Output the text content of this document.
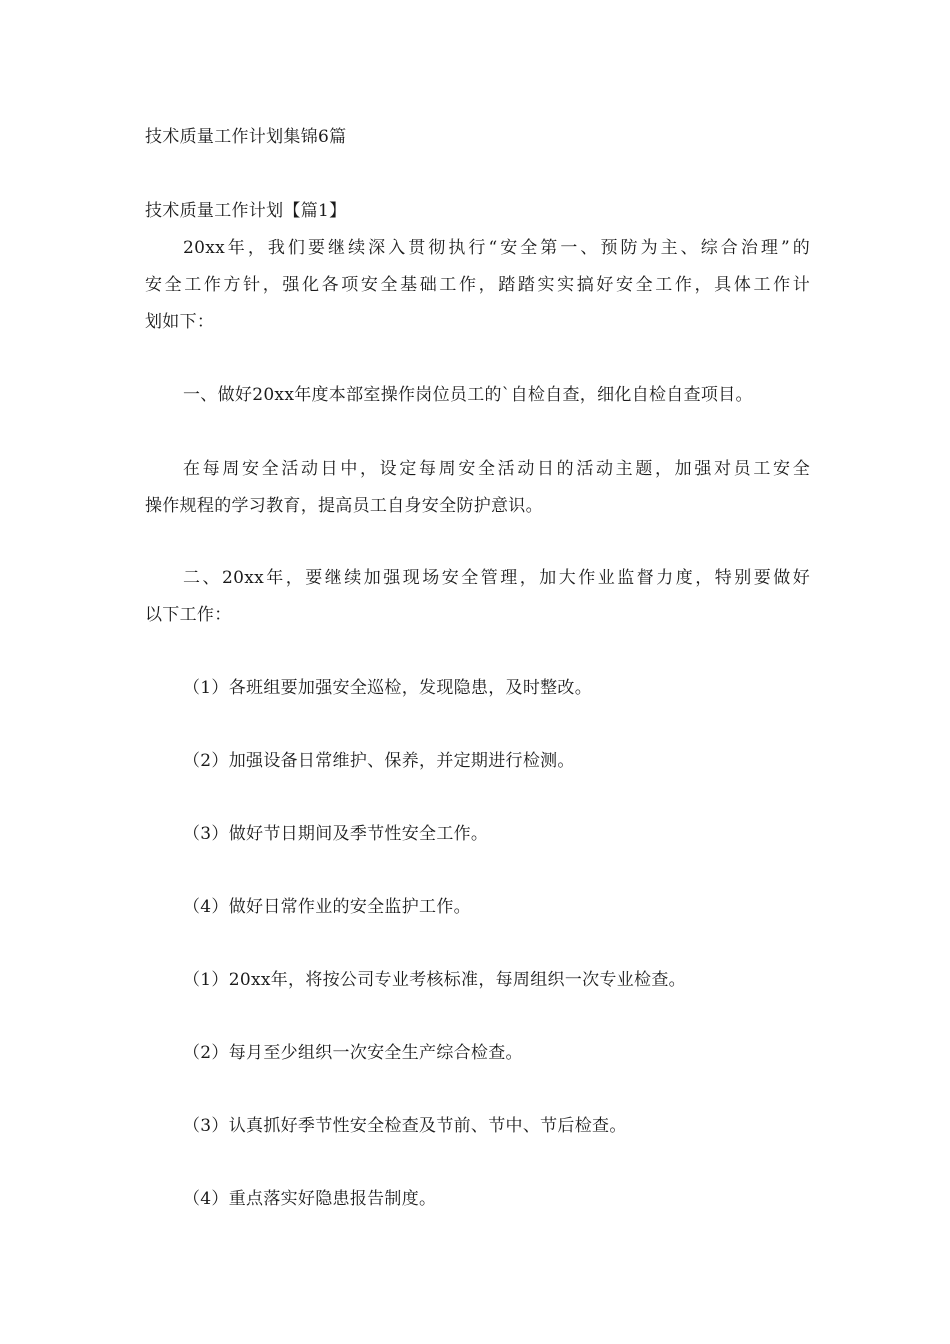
技术质量工作计划集锦6篇
技术质量工作计划【篇1】
20xx年，我们要继续深入贯彻执行“安全第一、预防为主、综合治理”的
安全工作方针，强化各项安全基础工作，踏踏实实搞好安全工作，具体工作计
划如下：
一、做好20xx年度本部室操作岗位员工的`自检自查，细化自检自查项目。
在每周安全活动日中，设定每周安全活动日的活动主题，加强对员工安全
操作规程的学习教育，提高员工自身安全防护意识。
二、20xx年，要继续加强现场安全管理，加大作业监督力度，特别要做好
以下工作：
（1）各班组要加强安全巡检，发现隐患，及时整改。
（2）加强设备日常维护、保养，并定期进行检测。
（3）做好节日期间及季节性安全工作。
（4）做好日常作业的安全监护工作。
（1）20xx年，将按公司专业考核标准，每周组织一次专业检查。
（2）每月至少组织一次安全生产综合检查。
（3）认真抓好季节性安全检查及节前、节中、节后检查。
（4）重点落实好隐患报告制度。
